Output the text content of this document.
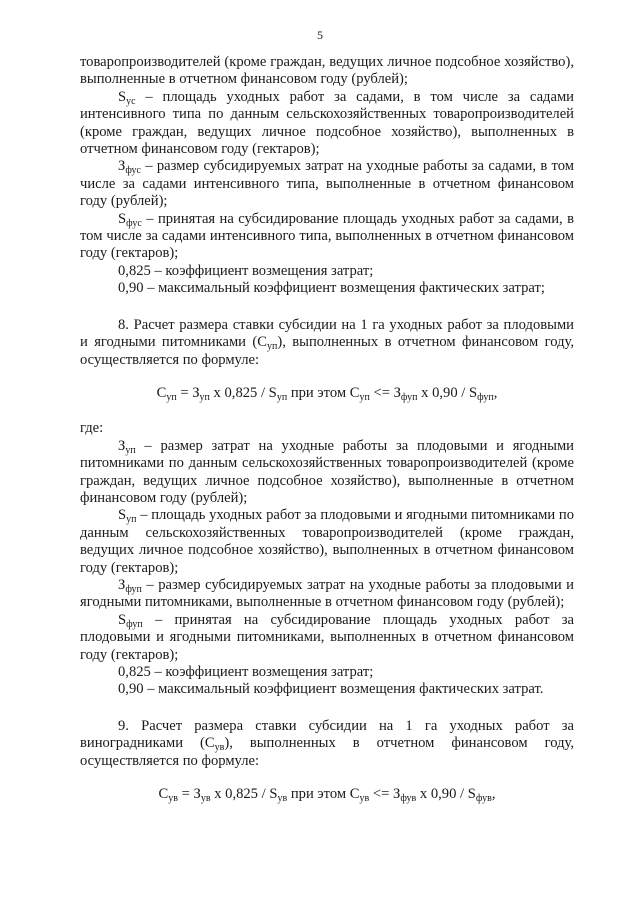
5

товаропроизводителей (кроме граждан, ведущих личное подсобное хозяйство), выполненные в отчетном финансовом году (рублей);

$S_{ус}$ – площадь уходных работ за садами, в том числе за садами интенсивного типа по данным сельскохозяйственных товаропроизводителей (кроме граждан, ведущих личное подсобное хозяйство), выполненных в отчетном финансовом году (гектаров);

$З_{фус}$ – размер субсидируемых затрат на уходные работы за садами, в том числе за садами интенсивного типа, выполненные в отчетном финансовом году (рублей);

$S_{фус}$ – принятая на субсидирование площадь уходных работ за садами, в том числе за садами интенсивного типа, выполненных в отчетном финансовом году (гектаров);

0,825 – коэффициент возмещения затрат;

0,90 – максимальный коэффициент возмещения фактических затрат;

8. Расчет размера ставки субсидии на 1 га уходных работ за плодовыми и ягодными питомниками $(С_{уп})$, выполненных в отчетном финансовом году, осуществляется по формуле:

$С_{уп} = З_{уп}$ x $0,825 / S_{уп}$ при этом $С_{уп} <= З_{фуп}$ x $0,90 / S_{фуп}$,

где:

$З_{уп}$ – размер затрат на уходные работы за плодовыми и ягодными питомниками по данным сельскохозяйственных товаропроизводителей (кроме граждан, ведущих личное подсобное хозяйство), выполненные в отчетном финансовом году (рублей);

$S_{уп}$ – площадь уходных работ за плодовыми и ягодными питомниками по данным сельскохозяйственных товаропроизводителей (кроме граждан, ведущих личное подсобное хозяйство), выполненных в отчетном финансовом году (гектаров);

$З_{фуп}$ – размер субсидируемых затрат на уходные работы за плодовыми и ягодными питомниками, выполненные в отчетном финансовом году (рублей);

$S_{фуп}$ – принятая на субсидирование площадь уходных работ за плодовыми и ягодными питомниками, выполненных в отчетном финансовом году (гектаров);

0,825 – коэффициент возмещения затрат;

0,90 – максимальный коэффициент возмещения фактических затрат.

9. Расчет размера ставки субсидии на 1 га уходных работ за виноградниками $(С_{ув})$, выполненных в отчетном финансовом году, осуществляется по формуле:

$С_{ув} = З_{ув}$ x $0,825 / S_{ув}$ при этом $С_{ув} <= З_{фув}$ x $0,90 / S_{фув}$,
